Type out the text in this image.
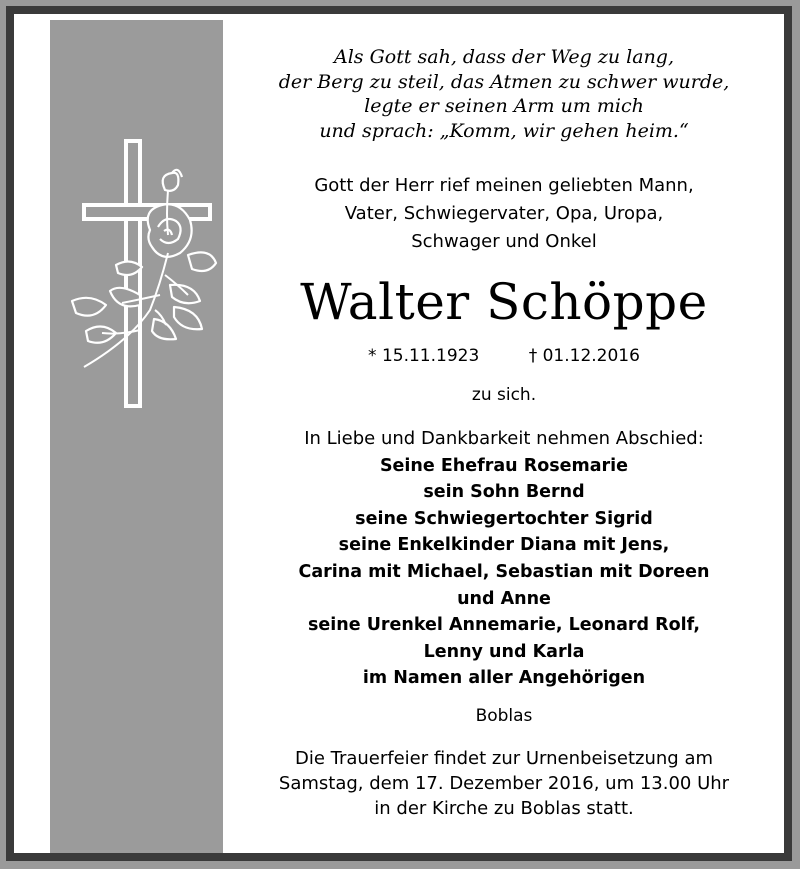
Als Gott sah, dass der Weg zu lang,
der Berg zu steil, das Atmen zu schwer wurde,
legte er seinen Arm um mich
und sprach: „Komm, wir gehen heim.“
Gott der Herr rief meinen geliebten Mann,
Vater, Schwiegervater, Opa, Uropa,
Schwager und Onkel
Walter Schöppe
* 15.11.1923	† 01.12.2016
zu sich.
In Liebe und Dankbarkeit nehmen Abschied:
Seine Ehefrau Rosemarie
sein Sohn Bernd
seine Schwiegertochter Sigrid
seine Enkelkinder Diana mit Jens,
Carina mit Michael, Sebastian mit Doreen
und Anne
seine Urenkel Annemarie, Leonard Rolf,
Lenny und Karla
im Namen aller Angehörigen
Boblas
Die Trauerfeier findet zur Urnenbeisetzung am
Samstag, dem 17. Dezember 2016, um 13.00 Uhr
in der Kirche zu Boblas statt.
